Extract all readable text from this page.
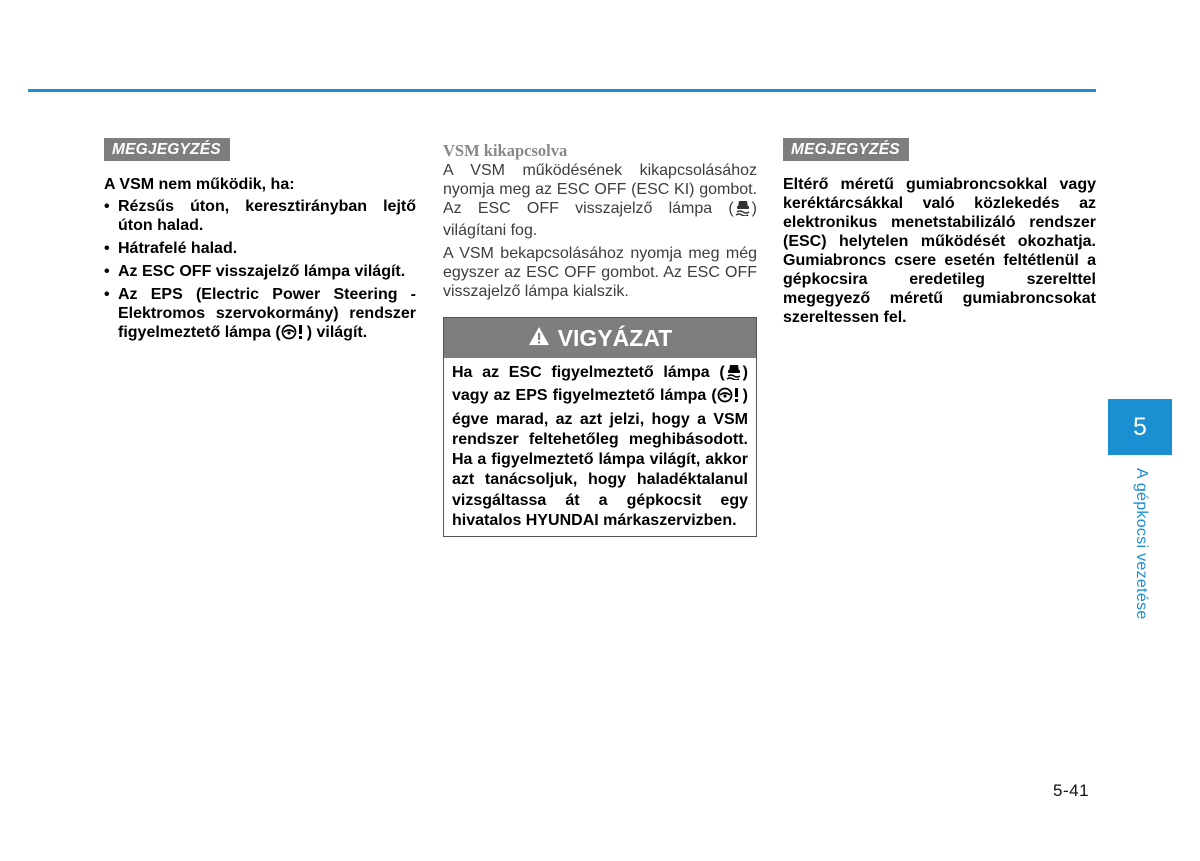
MEGJEGYZÉS
A VSM nem működik, ha:
• Rézsűs úton, keresztirányban lejtő úton halad.
• Hátrafelé halad.
• Az ESC OFF visszajelző lámpa világít.
• Az EPS (Electric Power Steering - Elektromos szervokormány) rendszer figyelmeztető lámpa ( ) világít.
VSM kikapcsolva

A VSM működésének kikapcsolásához nyomja meg az ESC OFF (ESC KI) gombot. Az ESC OFF visszajelző lámpa ( ) világítani fog.

A VSM bekapcsolásához nyomja meg még egyszer az ESC OFF gombot. Az ESC OFF visszajelző lámpa kialszik.

VIGYÁZAT
Ha az ESC figyelmeztető lámpa ( ) vagy az EPS figyelmeztető lámpa ( ) égve marad, az azt jelzi, hogy a VSM rendszer feltehetőleg meghibásodott. Ha a figyelmeztető lámpa világít, akkor azt tanácsoljuk, hogy haladéktalanul vizsgáltassa át a gépkocsit egy hivatalos HYUNDAI márkaszervizben.
MEGJEGYZÉS
Eltérő méretű gumiabroncsokkal vagy keréktárcsákkal való közlekedés az elektronikus menetstabilizáló rendszer (ESC) helytelen működését okozhatja. Gumiabroncs csere esetén feltétlenül a gépkocsira eredetileg szerelttel megegyező méretű gumiabroncsokat szereltessen fel.
5
A gépkocsi vezetése
5-41
